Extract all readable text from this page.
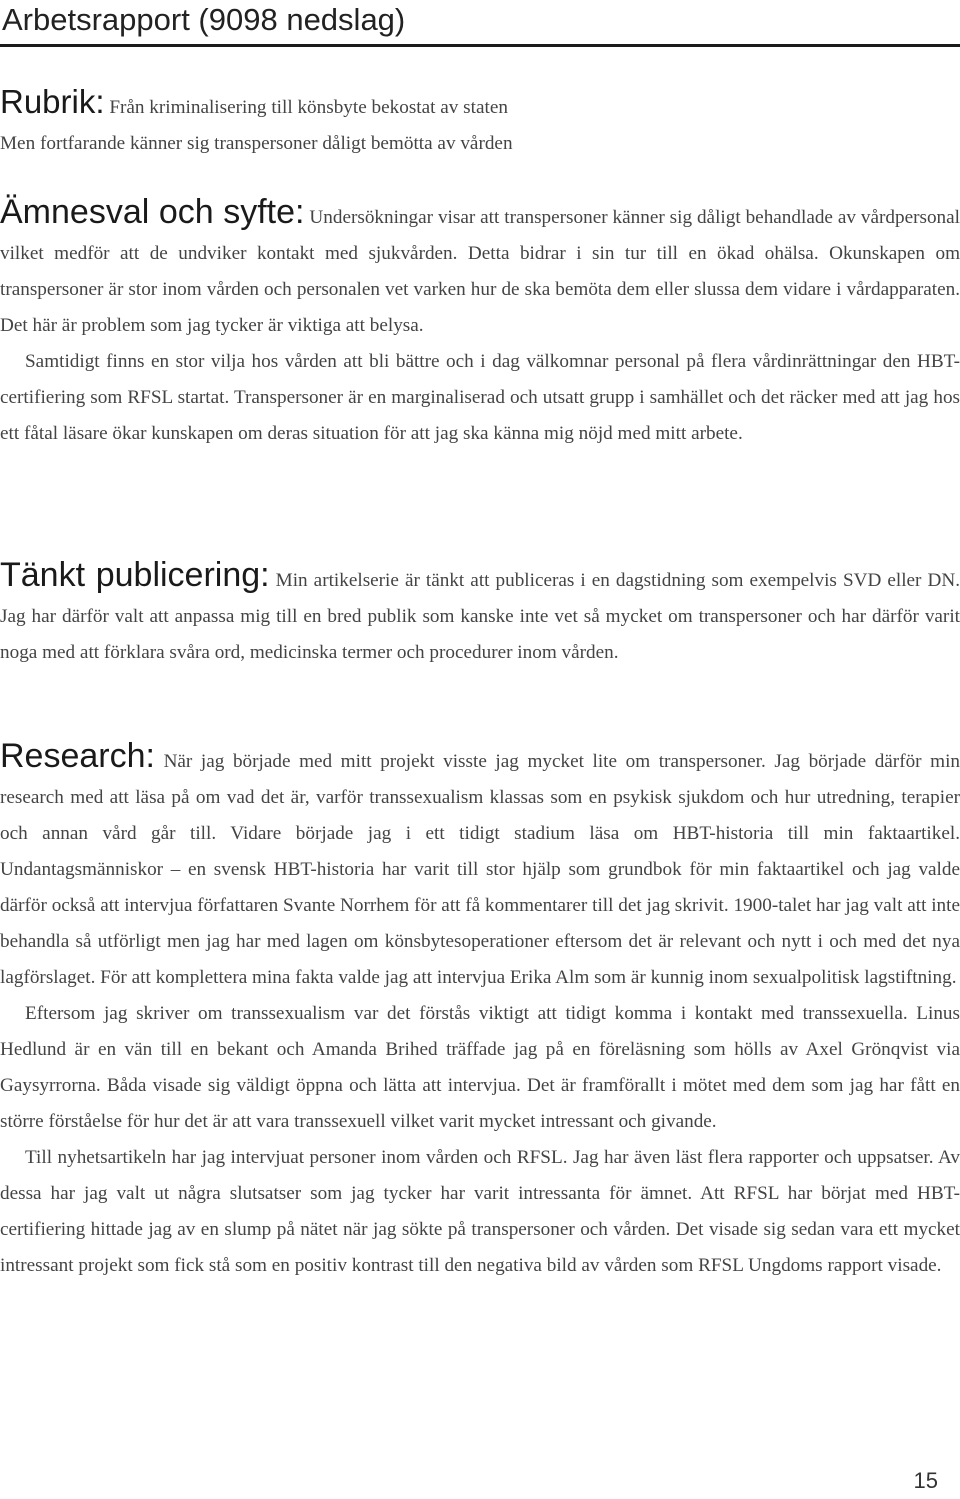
Arbetsrapport (9098 nedslag)

Rubrik: Från kriminalisering till könsbyte bekostat av staten

Men fortfarande känner sig transpersoner dåligt bemötta av vården

Ämnesval och syfte: Undersökningar visar att transpersoner känner sig dåligt behandlade av vårdpersonal vilket medför att de undviker kontakt med sjukvården. Detta bidrar i sin tur till en ökad ohälsa. Okunskapen om transpersoner är stor inom vården och personalen vet varken hur de ska bemöta dem eller slussa dem vidare i vårdapparaten. Det här är problem som jag tycker är viktiga att belysa.

Samtidigt finns en stor vilja hos vården att bli bättre och i dag välkomnar personal på flera vårdinrättningar den HBT-certifiering som RFSL startat. Transpersoner är en marginaliserad och utsatt grupp i samhället och det räcker med att jag hos ett fåtal läsare ökar kunskapen om deras situation för att jag ska känna mig nöjd med mitt arbete.

Tänkt publicering: Min artikelserie är tänkt att publiceras i en dagstidning som exempelvis SVD eller DN. Jag har därför valt att anpassa mig till en bred publik som kanske inte vet så mycket om transpersoner och har därför varit noga med att förklara svåra ord, medicinska termer och procedurer inom vården.

Research: När jag började med mitt projekt visste jag mycket lite om transpersoner. Jag började därför min research med att läsa på om vad det är, varför transsexualism klassas som en psykisk sjukdom och hur utredning, terapier och annan vård går till. Vidare började jag i ett tidigt stadium läsa om HBT-historia till min faktaartikel. Undantagsmänniskor – en svensk HBT-historia har varit till stor hjälp som grundbok för min faktaartikel och jag valde därför också att intervjua författaren Svante Norrhem för att få kommentarer till det jag skrivit. 1900-talet har jag valt att inte behandla så utförligt men jag har med lagen om könsbytesoperationer eftersom det är relevant och nytt i och med det nya lagförslaget. För att komplettera mina fakta valde jag att intervjua Erika Alm som är kunnig inom sexualpolitisk lagstiftning.

Eftersom jag skriver om transsexualism var det förstås viktigt att tidigt komma i kontakt med transsexuella. Linus Hedlund är en vän till en bekant och Amanda Brihed träffade jag på en föreläsning som hölls av Axel Grönqvist via Gaysyrrorna. Båda visade sig väldigt öppna och lätta att intervjua. Det är framförallt i mötet med dem som jag har fått en större förståelse för hur det är att vara transsexuell vilket varit mycket intressant och givande.

Till nyhetsartikeln har jag intervjuat personer inom vården och RFSL. Jag har även läst flera rapporter och uppsatser. Av dessa har jag valt ut några slutsatser som jag tycker har varit intressanta för ämnet. Att RFSL har börjat med HBT-certifiering hittade jag av en slump på nätet när jag sökte på transpersoner och vården. Det visade sig sedan vara ett mycket intressant projekt som fick stå som en positiv kontrast till den negativa bild av vården som RFSL Ungdoms rapport visade.

15
